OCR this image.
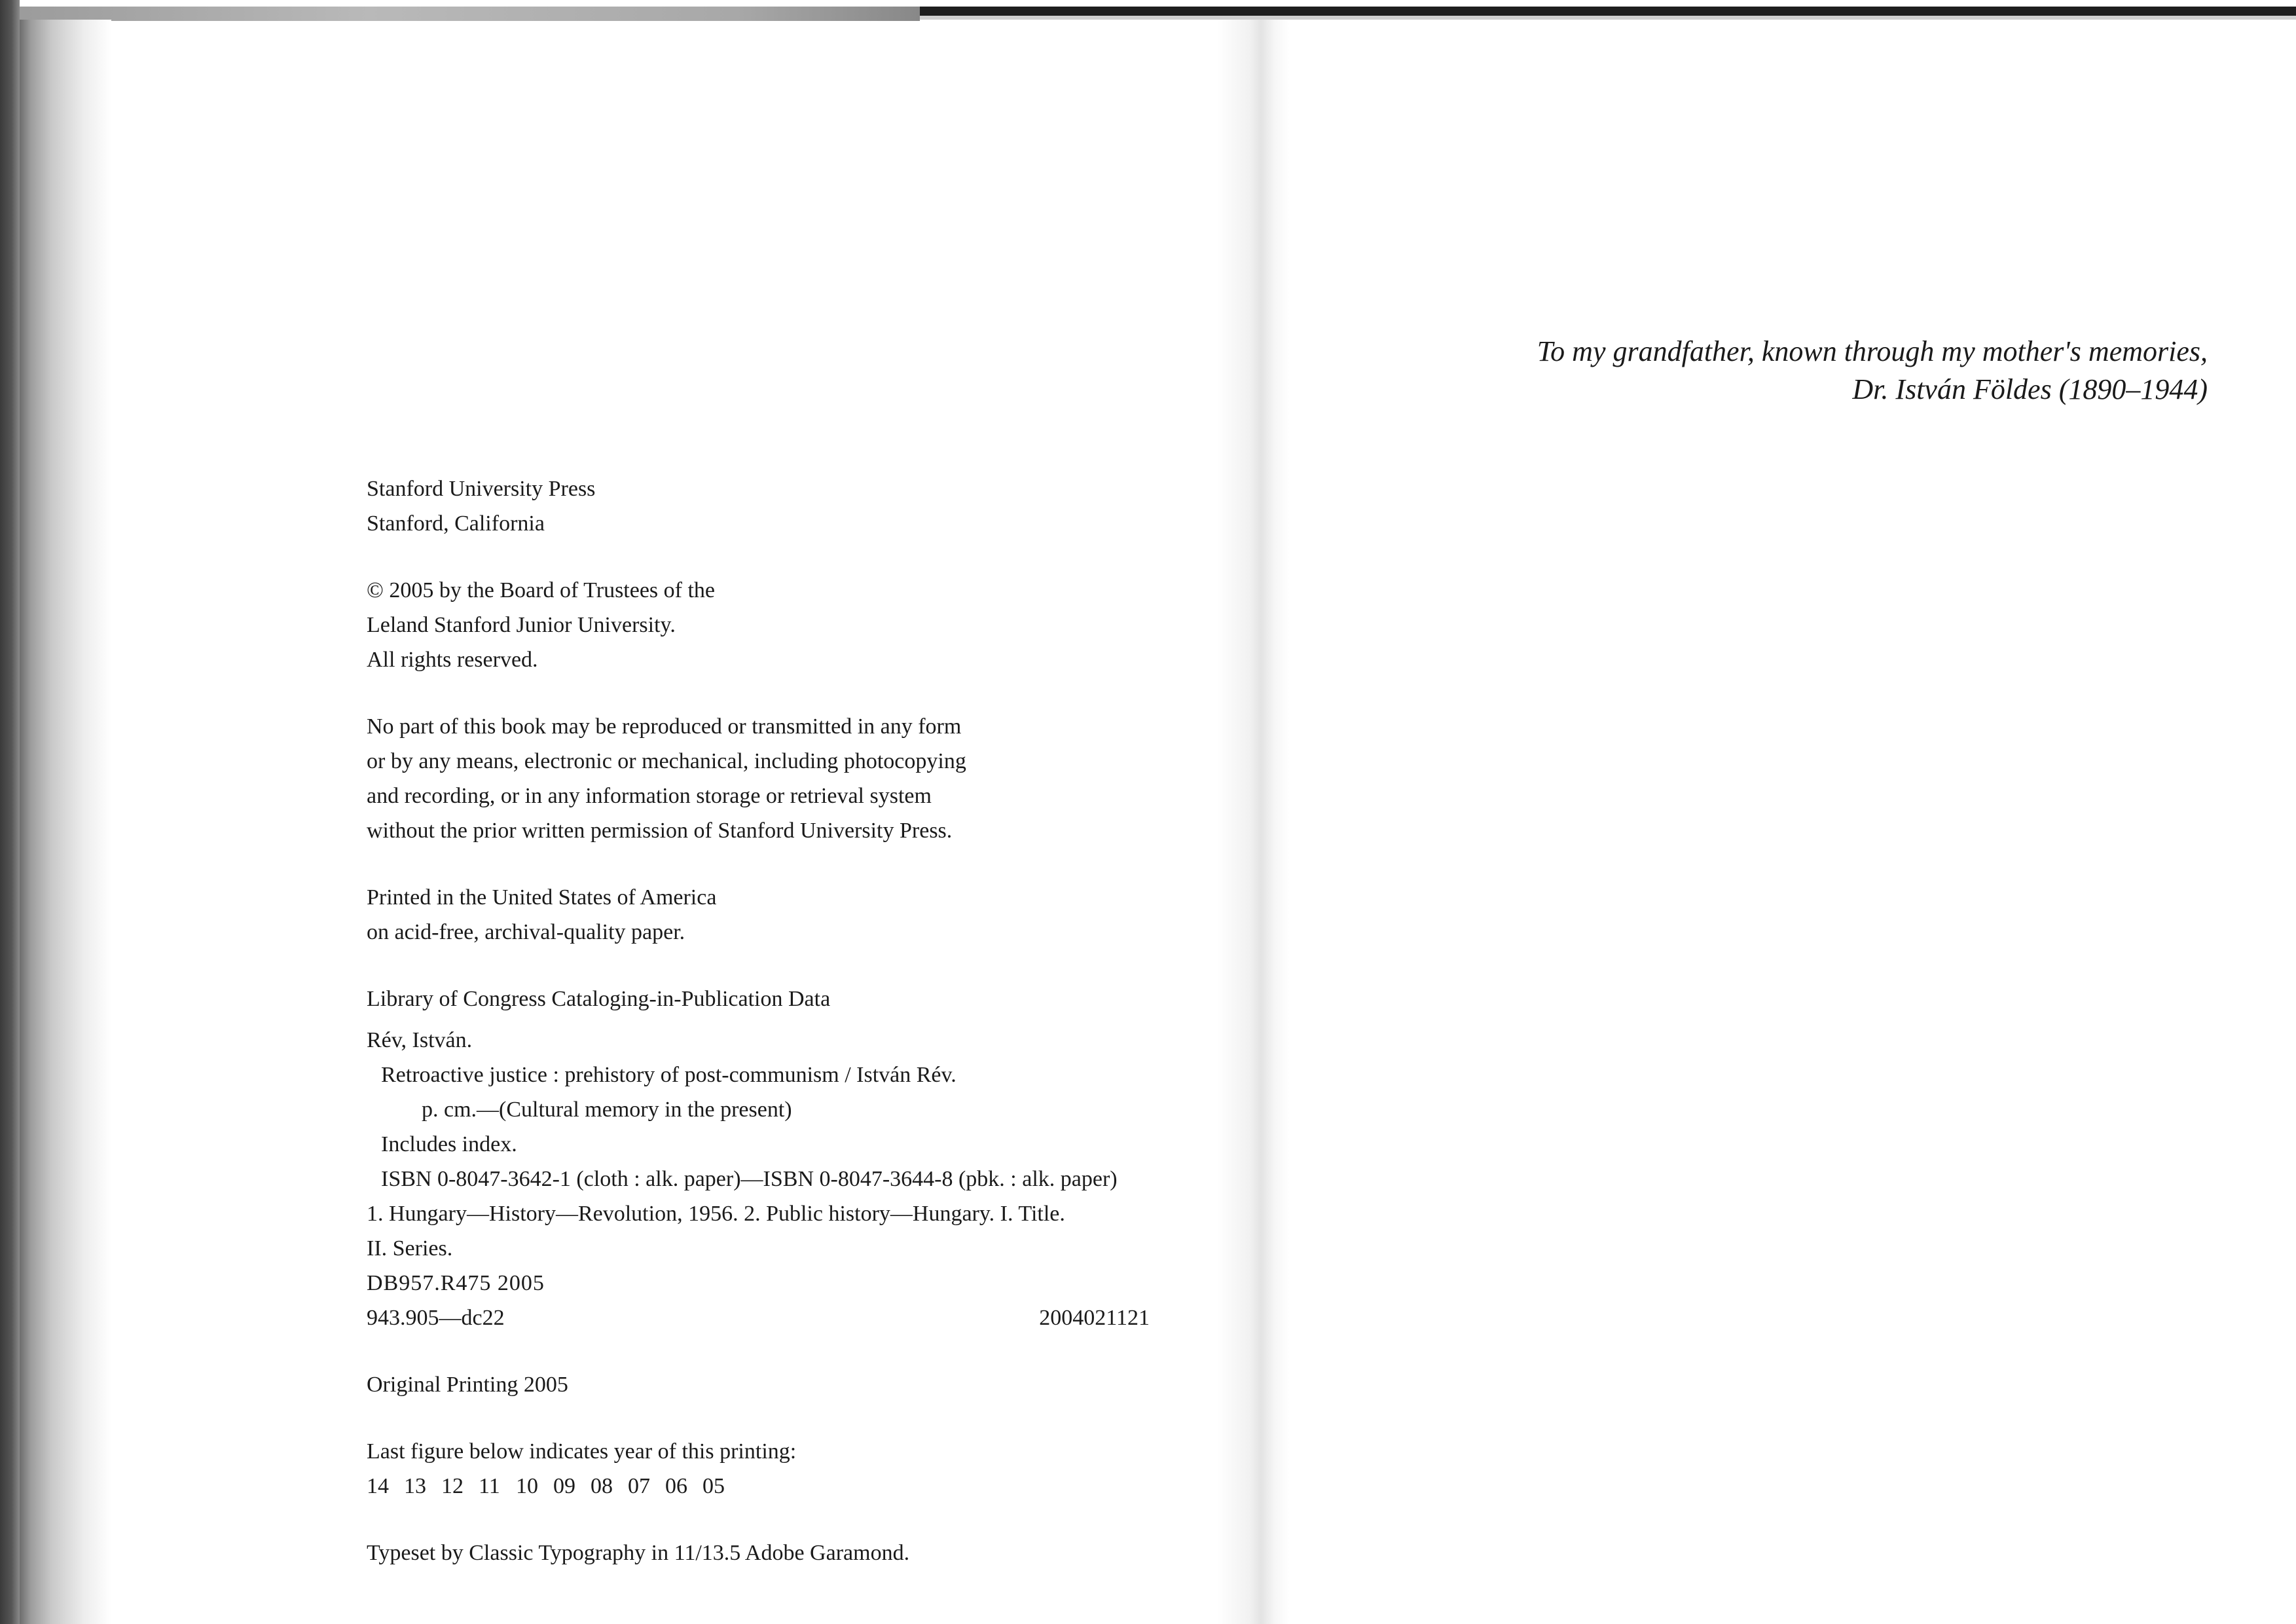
Stanford University Press
Stanford, California
© 2005 by the Board of Trustees of the
Leland Stanford Junior University.
All rights reserved.
No part of this book may be reproduced or transmitted in any form
or by any means, electronic or mechanical, including photocopying
and recording, or in any information storage or retrieval system
without the prior written permission of Stanford University Press.
Printed in the United States of America
on acid-free, archival-quality paper.
Library of Congress Cataloging-in-Publication Data
Rév, István.
Retroactive justice : prehistory of post-communism / István Rév.
p. cm.—(Cultural memory in the present)
Includes index.
ISBN 0-8047-3642-1 (cloth : alk. paper)—ISBN 0-8047-3644-8 (pbk. : alk. paper)
1. Hungary—History—Revolution, 1956. 2. Public history—Hungary. I. Title.
II. Series.
DB957.R475 2005
943.905—dc22	2004021121
Original Printing 2005
Last figure below indicates year of this printing:
14 13 12 11 10 09 08 07 06 05
Typeset by Classic Typography in 11/13.5 Adobe Garamond.
To my grandfather, known through my mother's memories,
Dr. István Földes (1890–1944)
